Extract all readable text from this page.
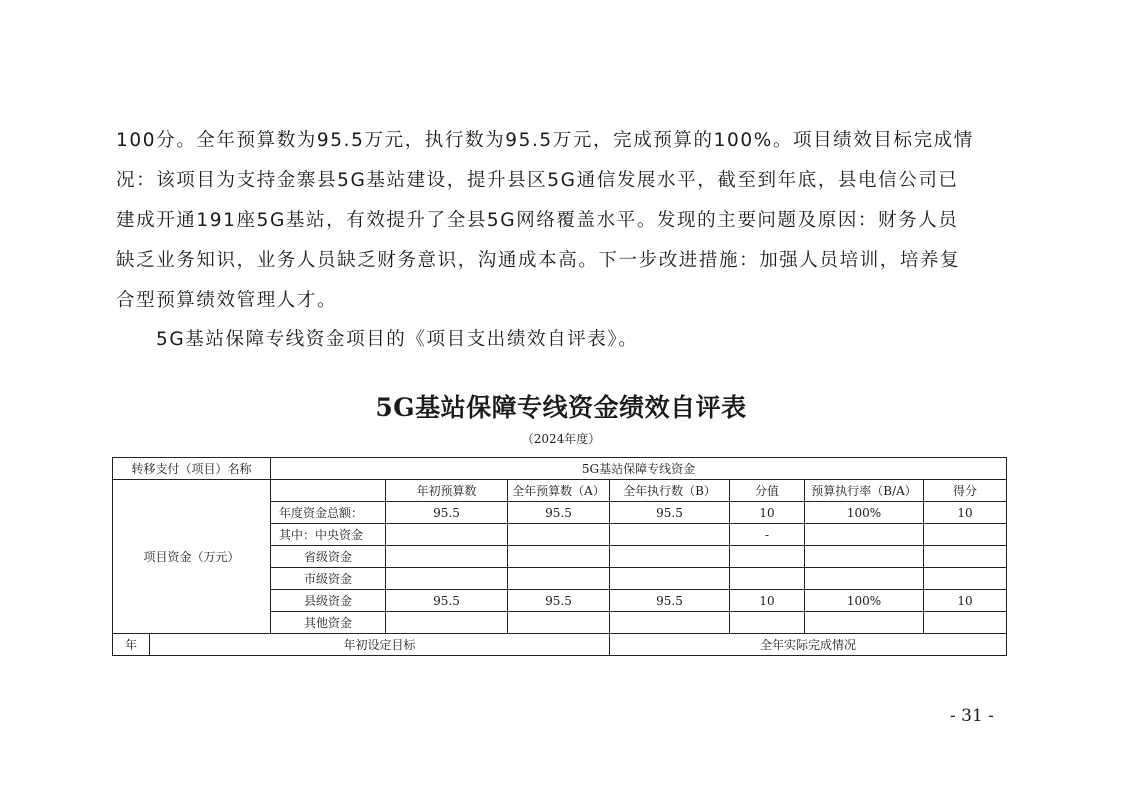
100分。全年预算数为95.5万元，执行数为95.5万元，完成预算的100%。项目绩效目标完成情
况：该项目为支持金寨县5G基站建设，提升县区5G通信发展水平，截至到年底，县电信公司已
建成开通191座5G基站，有效提升了全县5G网络覆盖水平。发现的主要问题及原因：财务人员
缺乏业务知识，业务人员缺乏财务意识，沟通成本高。下一步改进措施：加强人员培训，培养复
合型预算绩效管理人才。
5G基站保障专线资金项目的《项目支出绩效自评表》。
5G基站保障专线资金绩效自评表
（2024年度）
转移支付（项目）名称		5G基站保障专线资金						
项目资金（万元）			年初预算数	全年预算数（A）	全年执行数（B）	分值	预算执行率（B/A）	得分
		年度资金总额：	95.5	95.5	95.5	10	100%	10
		其中：中央资金				-		
		省级资金						
		市级资金						
		县级资金	95.5	95.5	95.5	10	100%	10
		其他资金						
年	年初设定目标				全年实际完成情况			
- 31 -
